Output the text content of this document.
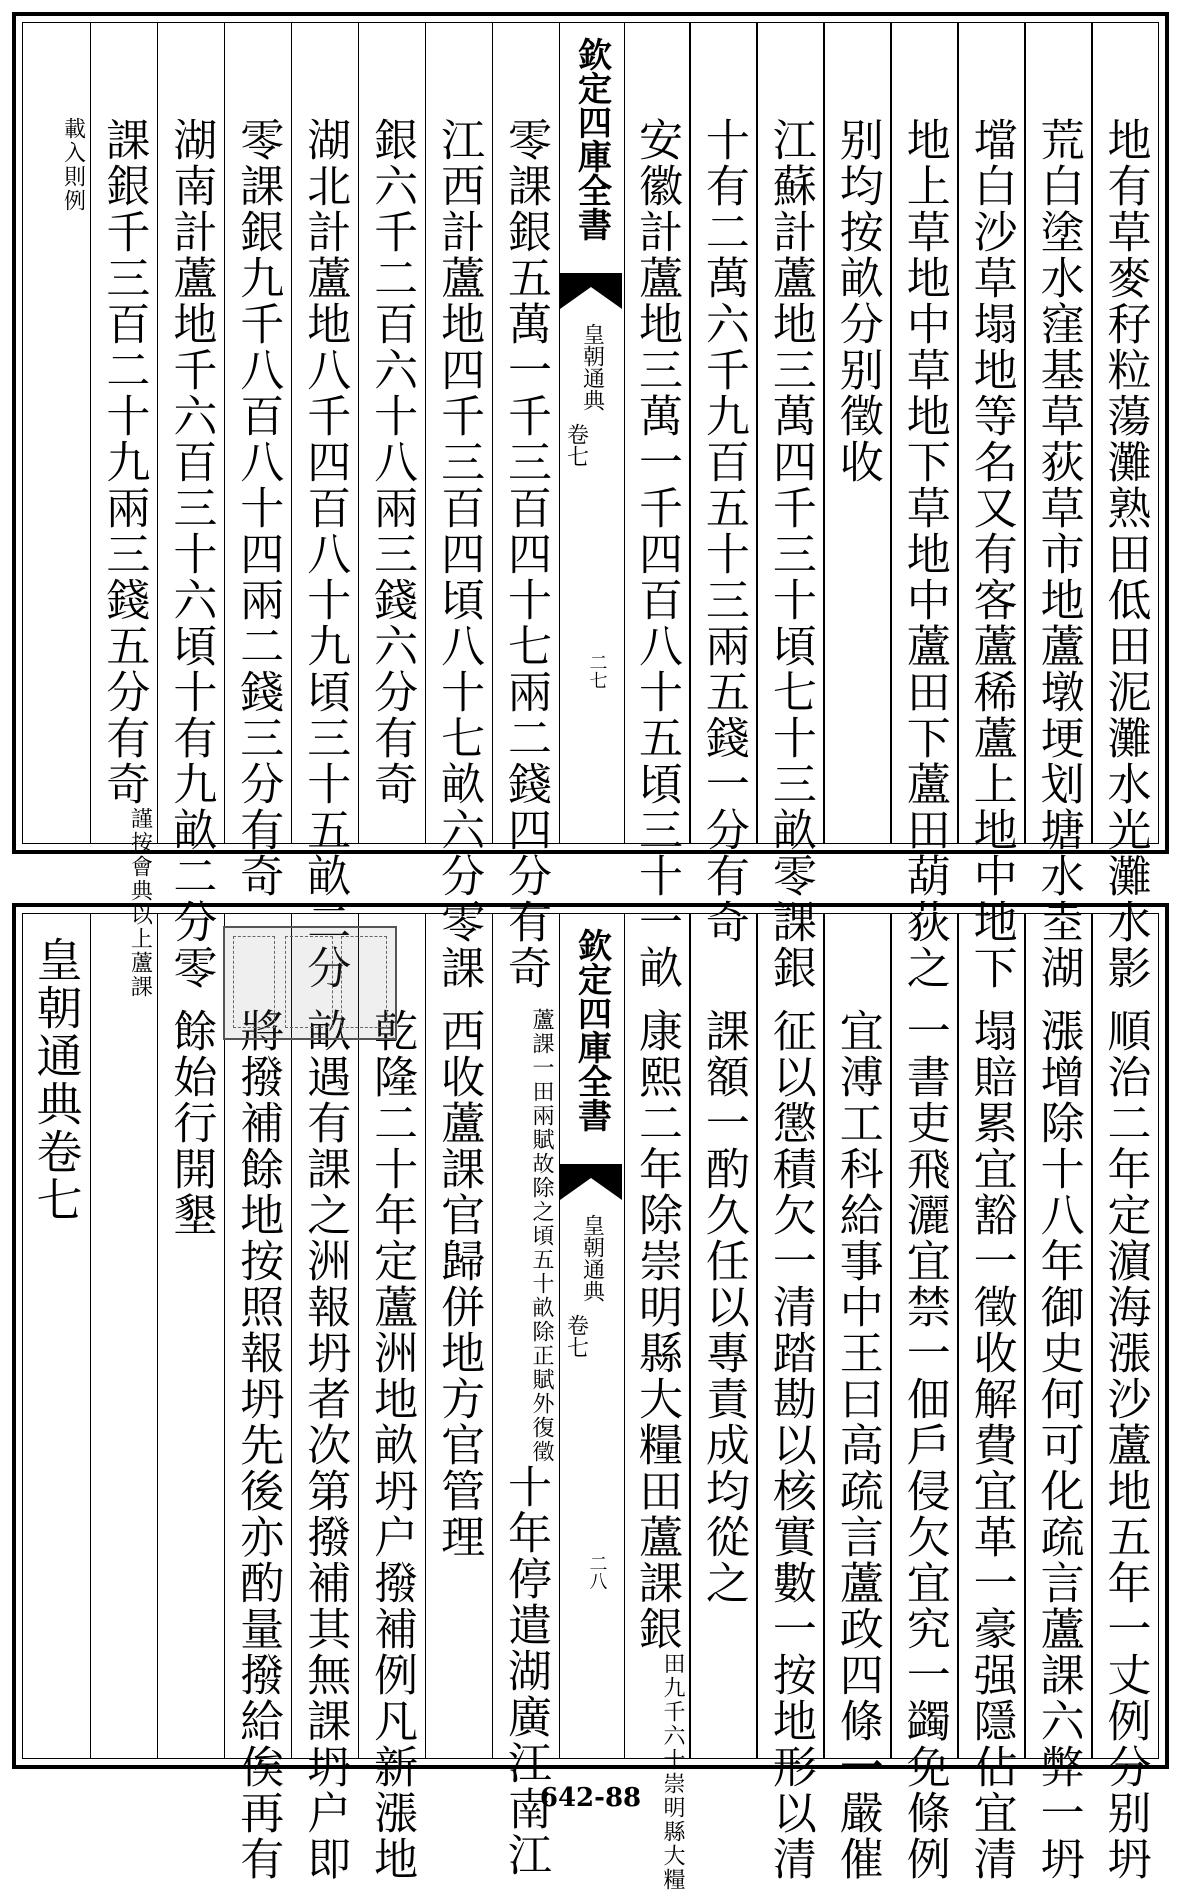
地有草麥秄粒蕩灘熟田低田泥灘水光灘水影
荒白塗水窪基草荻草市地蘆墩埂划塘水坴湖
壋白沙草塌地等名又有客蘆稀蘆上地中地下
地上草地中草地下草地中蘆田下蘆田葫荻之
别均按畝分别徵收
江蘇計蘆地三萬四千三十頃七十三畝零課銀
十有二萬六千九百五十三兩五錢一分有奇
安徽計蘆地三萬一千四百八十五頃三十一畝
零課銀五萬一千三百四十七兩二錢四分有奇
江西計蘆地四千三百四頃八十七畝六分零課
銀六千二百六十八兩三錢六分有奇
湖北計蘆地八千四百八十九頃三十五畝二分
零課銀九千八百八十四兩二錢三分有奇
湖南計蘆地千六百三十六頃十有九畝二分零
課銀千三百二十九兩三錢五分有奇
以上蘆課
謹按會典
則例
載入	欽定四庫全書
皇朝通典
卷七
二七
順治二年定濵海漲沙蘆地五年一丈例分别坍
漲增除十八年御史何可化疏言蘆課六弊一坍
塌賠累宜豁一徵收解費宜革一豪强隱佔宜清
一書吏飛灑宜禁一佃戶侵欠宜究一蠲免條例
宜溥工科給事中王曰高疏言蘆政四條一嚴催
征以懲積欠一清踏勘以核實數一按地形以清
課額一酌久任以專責成均從之
康熙二年除崇明縣大糧田蘆課銀
崇明縣大糧
田九千六十
頃五十畝除正賦外復徵
蘆課一田兩賦故除之
十年停遣湖廣江南江
西收蘆課官歸併地方官管理
乾隆二十年定蘆洲地畝坍户撥補例凡新漲地
畝遇有課之洲報坍者次第撥補其無課坍户即
將撥補餘地按照報坍先後亦酌量撥給俟再有
餘始行開墾
皇朝通典卷七	欽定四庫全書
皇朝通典
卷七
二八
642-88
